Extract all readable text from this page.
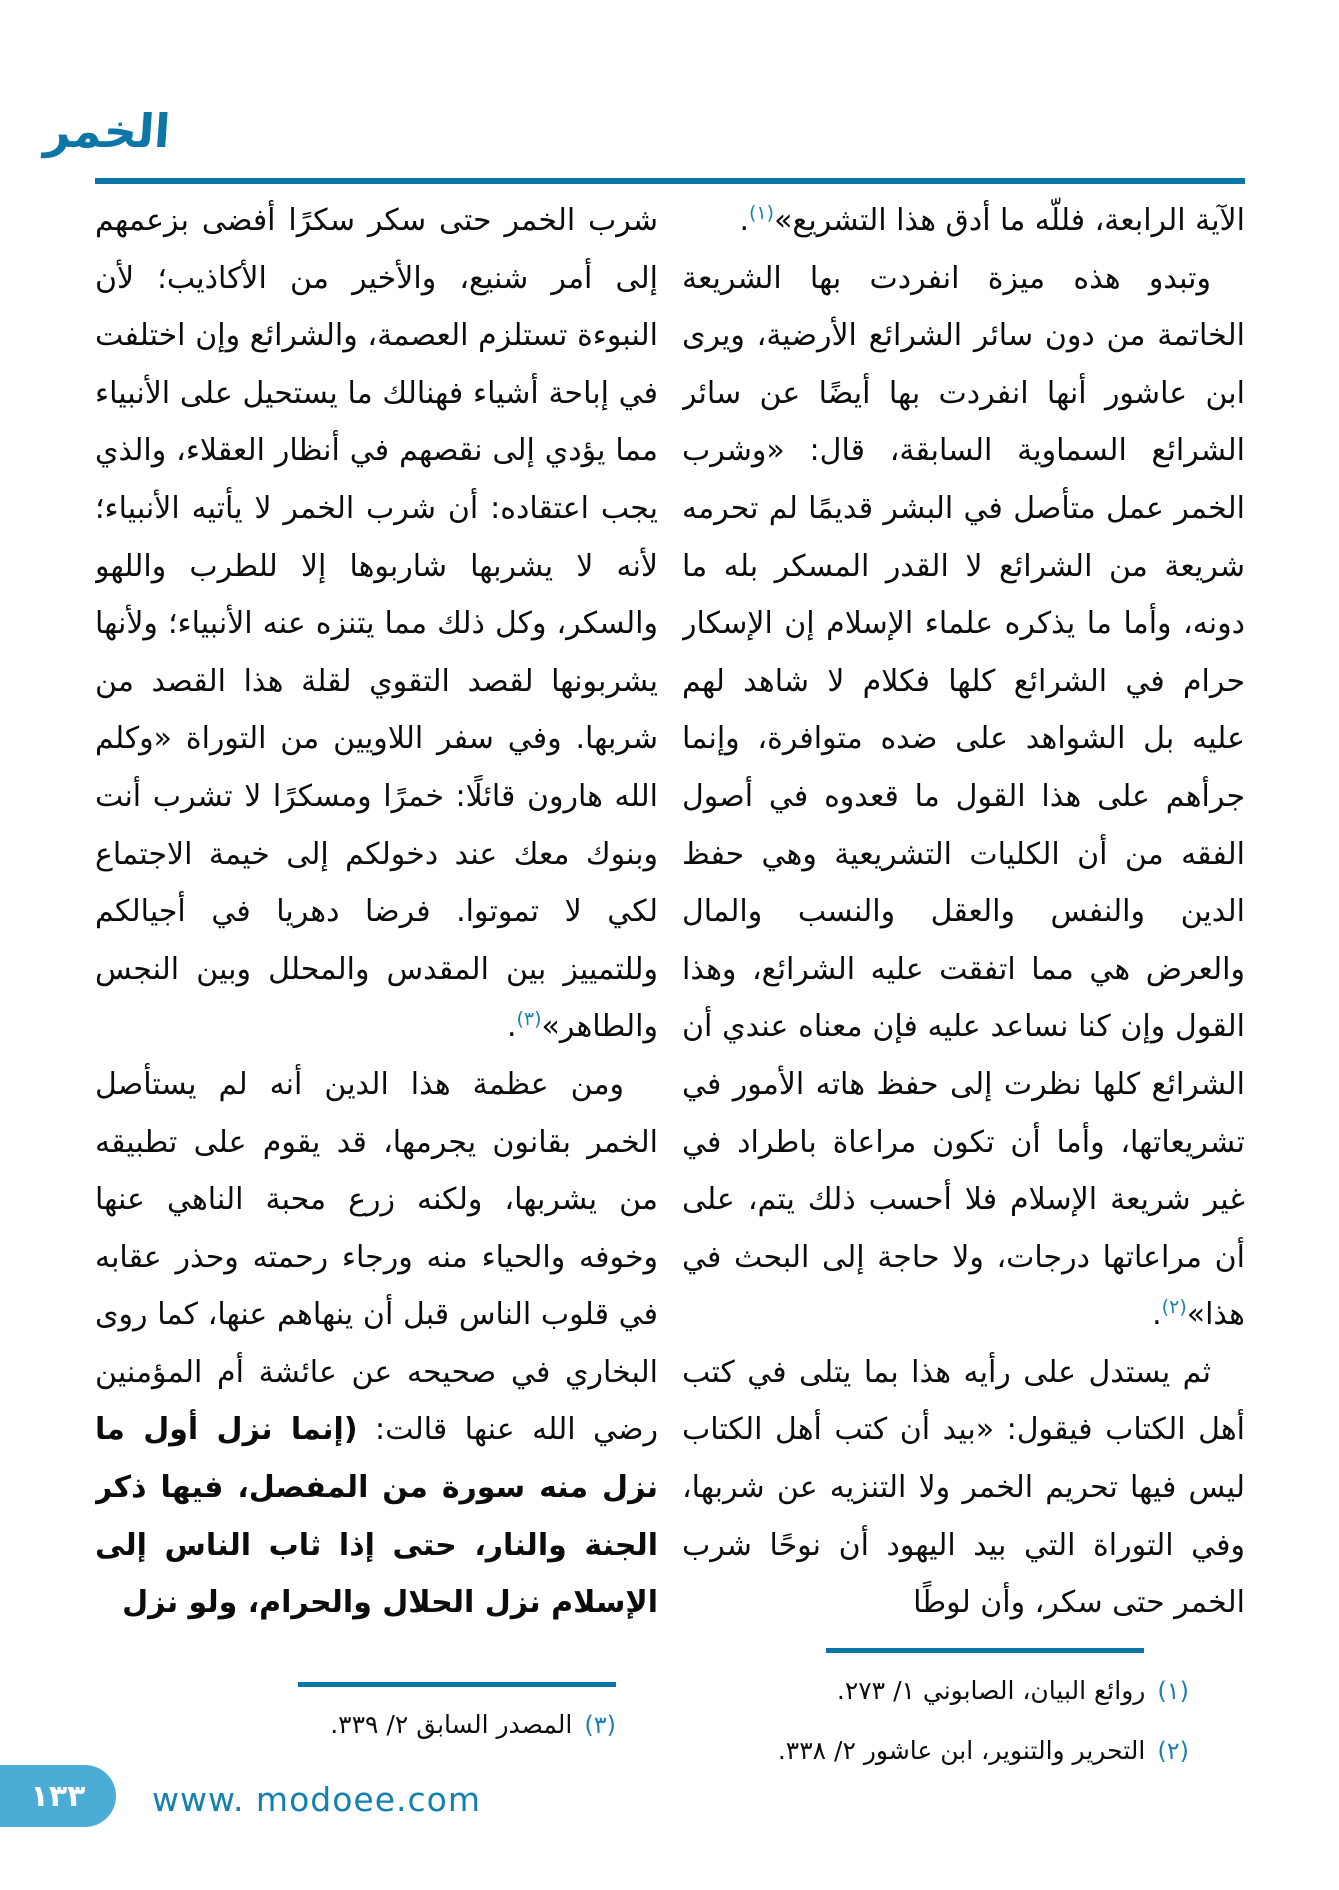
الخمر

الآية الرابعة، فللّه ما أدق هذا التشريع»$^{(١)}$.

وتبدو هذه ميزة انفردت بها الشريعة الخاتمة من دون سائر الشرائع الأرضية، ويرى ابن عاشور أنها انفردت بها أيضًا عن سائر الشرائع السماوية السابقة، قال: «وشرب الخمر عمل متأصل في البشر قديمًا لم تحرمه شريعة من الشرائع لا القدر المسكر بله ما دونه، وأما ما يذكره علماء الإسلام إن الإسكار حرام في الشرائع كلها فكلام لا شاهد لهم عليه بل الشواهد على ضده متوافرة، وإنما جرأهم على هذا القول ما قعدوه في أصول الفقه من أن الكليات التشريعية وهي حفظ الدين والنفس والعقل والنسب والمال والعرض هي مما اتفقت عليه الشرائع، وهذا القول وإن كنا نساعد عليه فإن معناه عندي أن الشرائع كلها نظرت إلى حفظ هاته الأمور في تشريعاتها، وأما أن تكون مراعاة باطراد في غير شريعة الإسلام فلا أحسب ذلك يتم، على أن مراعاتها درجات، ولا حاجة إلى البحث في هذا»$^{(٢)}$.

ثم يستدل على رأيه هذا بما يتلى في كتب أهل الكتاب فيقول: «بيد أن كتب أهل الكتاب ليس فيها تحريم الخمر ولا التنزيه عن شربها، وفي التوراة التي بيد اليهود أن نوحًا شرب الخمر حتى سكر، وأن لوطًا

شرب الخمر حتى سكر سكرًا أفضى بزعمهم إلى أمر شنيع، والأخير من الأكاذيب؛ لأن النبوءة تستلزم العصمة، والشرائع وإن اختلفت في إباحة أشياء فهنالك ما يستحيل على الأنبياء مما يؤدي إلى نقصهم في أنظار العقلاء، والذي يجب اعتقاده: أن شرب الخمر لا يأتيه الأنبياء؛ لأنه لا يشربها شاربوها إلا للطرب واللهو والسكر، وكل ذلك مما يتنزه عنه الأنبياء؛ ولأنها يشربونها لقصد التقوي لقلة هذا القصد من شربها. وفي سفر اللاويين من التوراة «وكلم الله هارون قائلًا: خمرًا ومسكرًا لا تشرب أنت وبنوك معك عند دخولكم إلى خيمة الاجتماع لكي لا تموتوا. فرضا دهريا في أجيالكم وللتمييز بين المقدس والمحلل وبين النجس والطاهر»$^{(٣)}$.

ومن عظمة هذا الدين أنه لم يستأصل الخمر بقانون يجرمها، قد يقوم على تطبيقه من يشربها، ولكنه زرع محبة الناهي عنها وخوفه والحياء منه ورجاء رحمته وحذر عقابه في قلوب الناس قبل أن ينهاهم عنها، كما روى البخاري في صحيحه عن عائشة أم المؤمنين رضي الله عنها قالت: (إنما نزل أول ما نزل منه سورة من المفصل، فيها ذكر الجنة والنار، حتى إذا ثاب الناس إلى الإسلام نزل الحلال والحرام، ولو نزل

(١)روائع البيان، الصابوني ١/ ٢٧٣.
(٢)التحرير والتنوير، ابن عاشور ٢/ ٣٣٨.
(٣)المصدر السابق ٢/ ٣٣٩.
١٣٣ www. modoee.com
